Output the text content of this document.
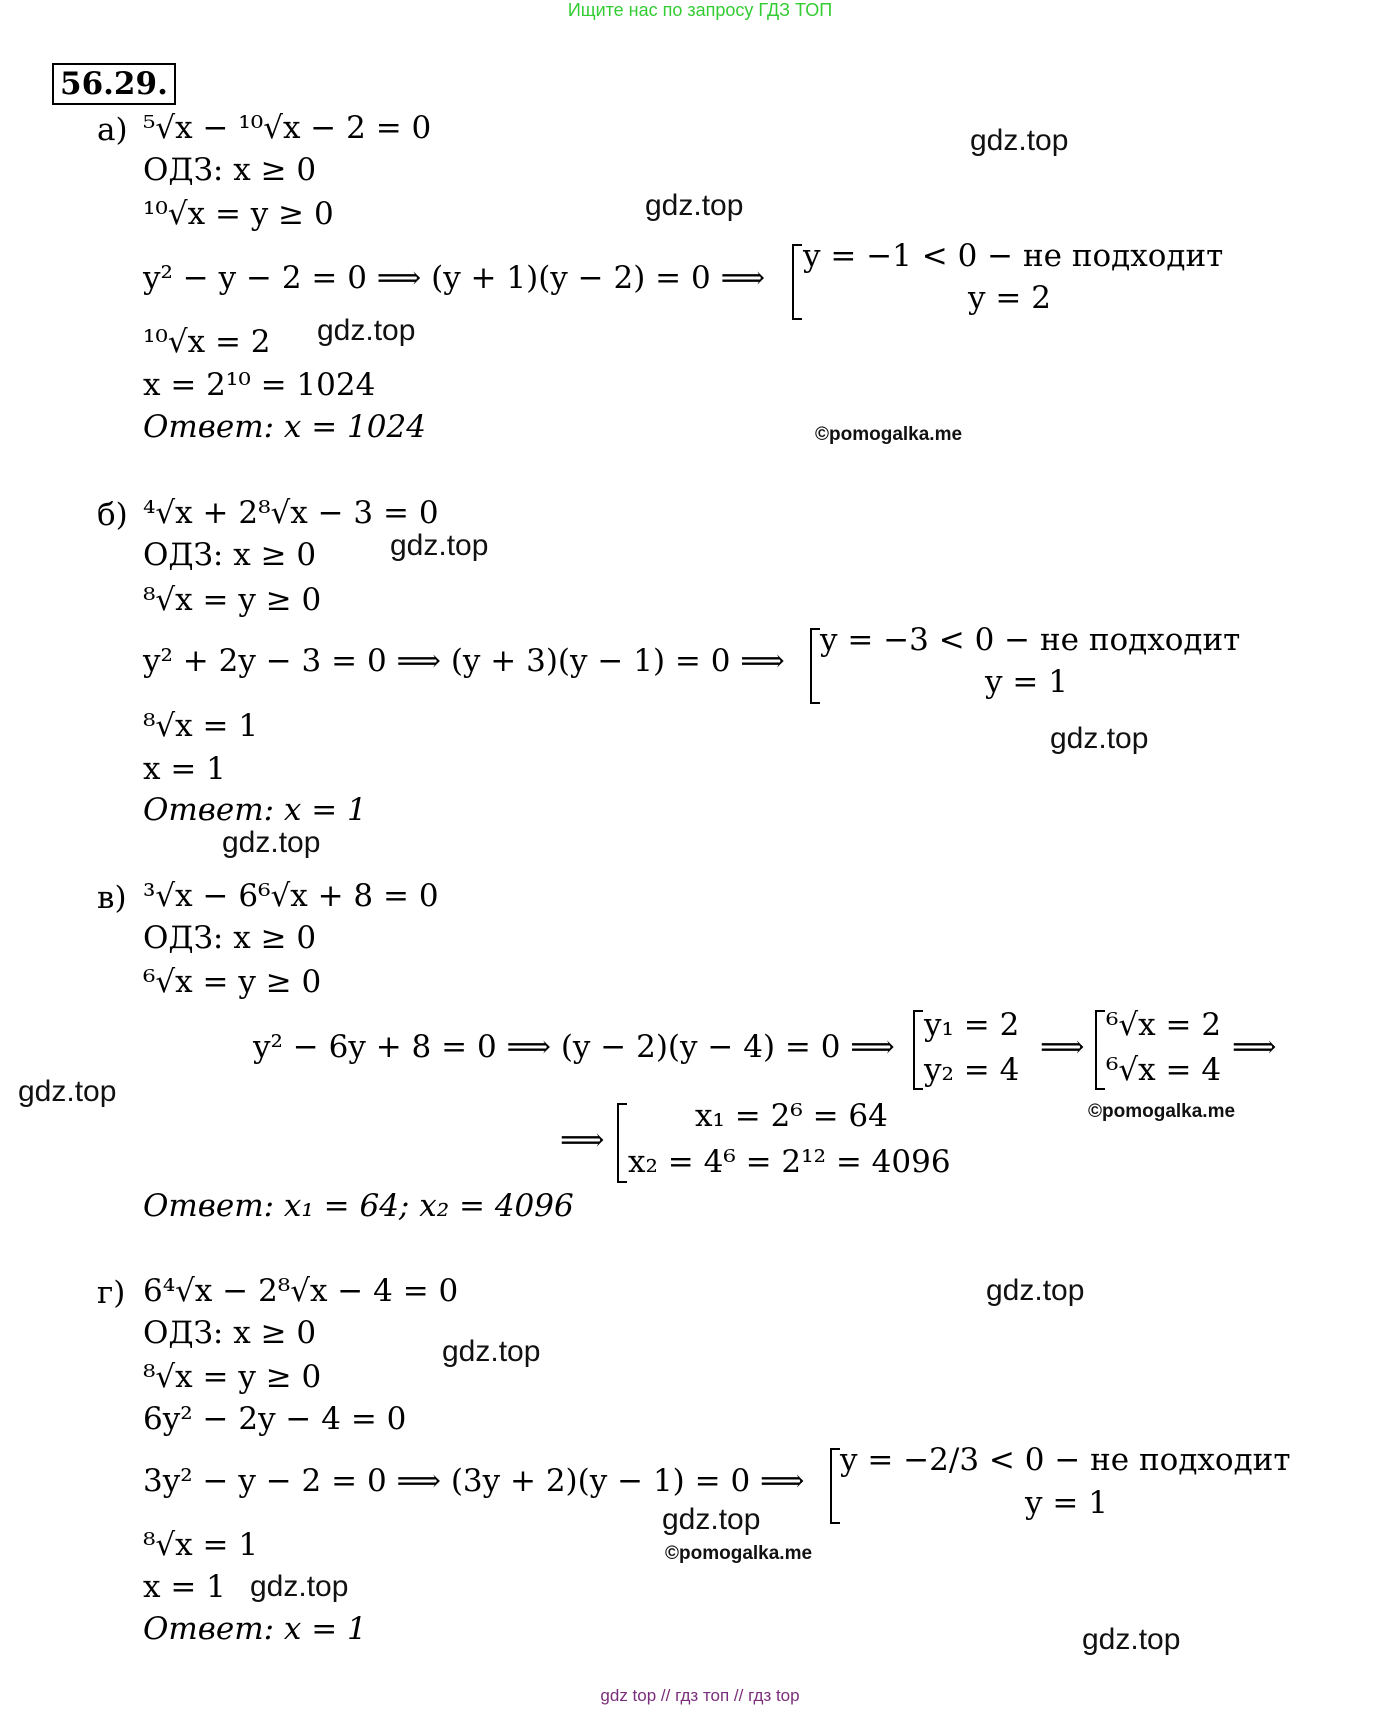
Ищите нас по запросу ГДЗ ТОП
56.29.
а) ⁵√x − ¹⁰√x − 2 = 0
ОДЗ: x ≥ 0
¹⁰√x = y ≥ 0
y² − y − 2 = 0 ⟹ (y + 1)(y − 2) = 0 ⟹
y = −1 < 0 − не подходит
y = 2
¹⁰√x = 2
x = 2¹⁰ = 1024
Ответ: x = 1024
б) ⁴√x + 2⁸√x − 3 = 0
ОДЗ: x ≥ 0
⁸√x = y ≥ 0
y² + 2y − 3 = 0 ⟹ (y + 3)(y − 1) = 0 ⟹
y = −3 < 0 − не подходит
y = 1
⁸√x = 1
x = 1
Ответ: x = 1
в) ³√x − 6⁶√x + 8 = 0
ОДЗ: x ≥ 0
⁶√x = y ≥ 0
y² − 6y + 8 = 0 ⟹ (y − 2)(y − 4) = 0 ⟹
y₁ = 2
y₂ = 4
⟹
⁶√x = 2
⁶√x = 4
⟹
⟹
x₁ = 2⁶ = 64
x₂ = 4⁶ = 2¹² = 4096
Ответ: x₁ = 64; x₂ = 4096
г) 6⁴√x − 2⁸√x − 4 = 0
ОДЗ: x ≥ 0
⁸√x = y ≥ 0
6y² − 2y − 4 = 0
3y² − y − 2 = 0 ⟹ (3y + 2)(y − 1) = 0 ⟹
y = −2/3 < 0 − не подходит
y = 1
⁸√x = 1
x = 1
Ответ: x = 1
gdz.top
gdz.top
gdz.top
gdz.top
gdz.top
gdz.top
gdz.top
gdz.top
gdz.top
gdz.top
gdz.top
gdz.top
©pomogalka.me
©pomogalka.me
©pomogalka.me
gdz top // гдз топ // гдз top
